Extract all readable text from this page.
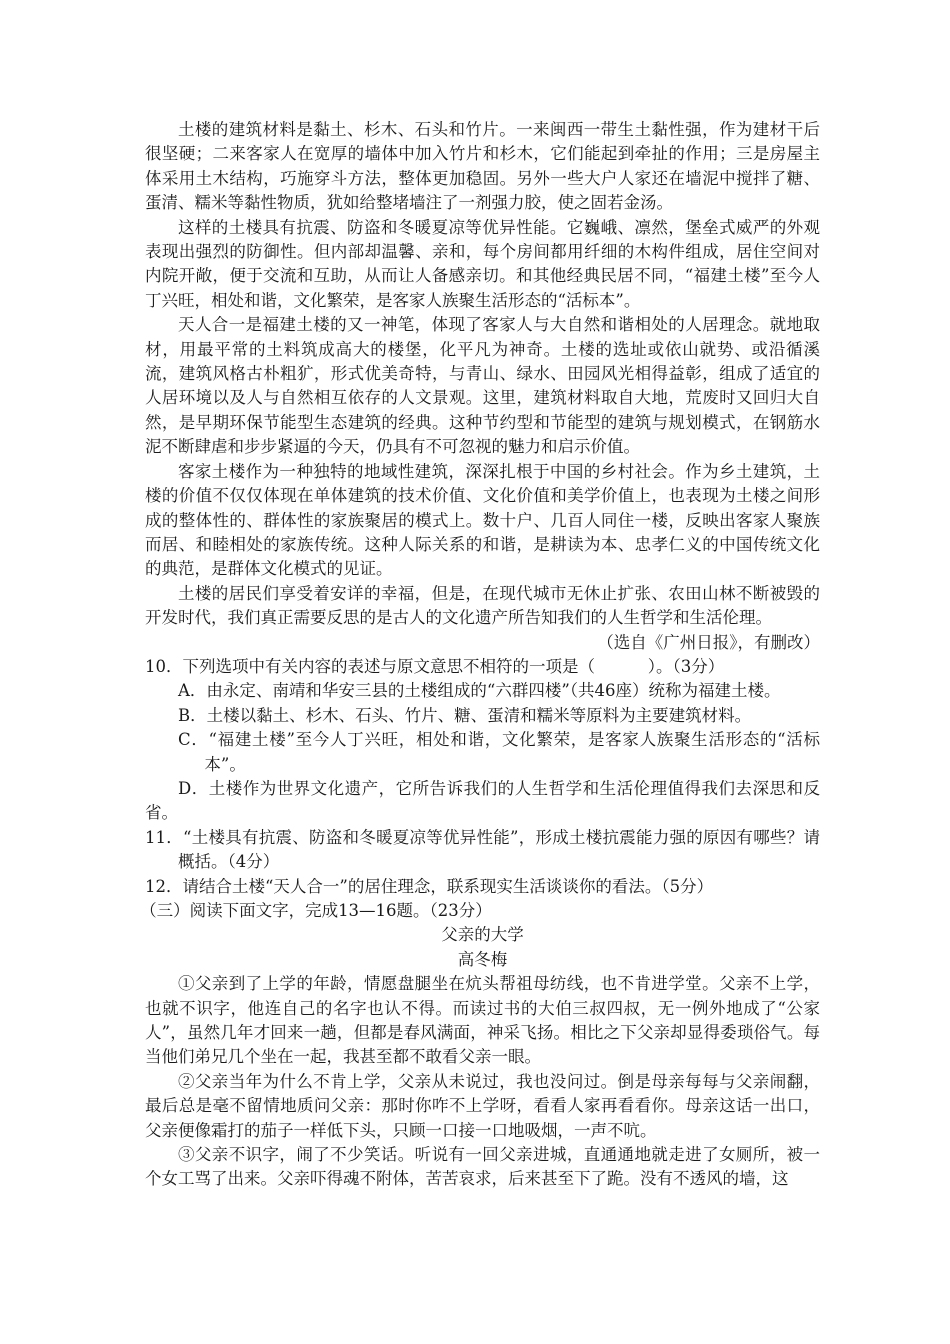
土楼的建筑材料是黏土、杉木、石头和竹片。一来闽西一带生土黏性强，作为建材干后很坚硬；二来客家人在宽厚的墙体中加入竹片和杉木，它们能起到牵扯的作用；三是房屋主体采用土木结构，巧施穿斗方法，整体更加稳固。另外一些大户人家还在墙泥中搅拌了糖、蛋清、糯米等黏性物质，犹如给整堵墙注了一剂强力胶，使之固若金汤。

这样的土楼具有抗震、防盗和冬暖夏凉等优异性能。它巍峨、凛然，堡垒式威严的外观表现出强烈的防御性。但内部却温馨、亲和，每个房间都用纤细的木构件组成，居住空间对内院开敞，便于交流和互助，从而让人备感亲切。和其他经典民居不同，“福建土楼”至今人丁兴旺，相处和谐，文化繁荣，是客家人族聚生活形态的“活标本”。

天人合一是福建土楼的又一神笔，体现了客家人与大自然和谐相处的人居理念。就地取材，用最平常的土料筑成高大的楼堡，化平凡为神奇。土楼的选址或依山就势、或沿循溪流，建筑风格古朴粗犷，形式优美奇特，与青山、绿水、田园风光相得益彰，组成了适宜的人居环境以及人与自然相互依存的人文景观。这里，建筑材料取自大地，荒废时又回归大自然，是早期环保节能型生态建筑的经典。这种节约型和节能型的建筑与规划模式，在钢筋水泥不断肆虐和步步紧逼的今天，仍具有不可忽视的魅力和启示价值。

客家土楼作为一种独特的地域性建筑，深深扎根于中国的乡村社会。作为乡土建筑，土楼的价值不仅仅体现在单体建筑的技术价值、文化价值和美学价值上，也表现为土楼之间形成的整体性的、群体性的家族聚居的模式上。数十户、几百人同住一楼，反映出客家人聚族而居、和睦相处的家族传统。这种人际关系的和谐，是耕读为本、忠孝仁义的中国传统文化的典范，是群体文化模式的见证。

土楼的居民们享受着安详的幸福，但是，在现代城市无休止扩张、农田山林不断被毁的开发时代，我们真正需要反思的是古人的文化遗产所告知我们的人生哲学和生活伦理。

（选自《广州日报》，有删改）

10．下列选项中有关内容的表述与原文意思不相符的一项是（	）。（3分）

A．由永定、南靖和华安三县的土楼组成的“六群四楼”（共46座）统称为福建土楼。

B．土楼以黏土、杉木、石头、竹片、糖、蛋清和糯米等原料为主要建筑材料。

C．“福建土楼”至今人丁兴旺，相处和谐，文化繁荣，是客家人族聚生活形态的“活标本”。

D．土楼作为世界文化遗产，它所告诉我们的人生哲学和生活伦理值得我们去深思和反省。

11．“土楼具有抗震、防盗和冬暖夏凉等优异性能”，形成土楼抗震能力强的原因有哪些？请概括。（4分）

12．请结合土楼“天人合一”的居住理念，联系现实生活谈谈你的看法。（5分）

（三）阅读下面文字，完成13—16题。（23分）

父亲的大学

高冬梅

①父亲到了上学的年龄，情愿盘腿坐在炕头帮祖母纺线，也不肯进学堂。父亲不上学，也就不识字，他连自己的名字也认不得。而读过书的大伯三叔四叔，无一例外地成了“公家人”，虽然几年才回来一趟，但都是春风满面，神采飞扬。相比之下父亲却显得委琐俗气。每当他们弟兄几个坐在一起，我甚至都不敢看父亲一眼。

②父亲当年为什么不肯上学，父亲从未说过，我也没问过。倒是母亲每每与父亲闹翻，最后总是毫不留情地质问父亲：那时你咋不上学呀，看看人家再看看你。母亲这话一出口，父亲便像霜打的茄子一样低下头，只顾一口接一口地吸烟，一声不吭。

③父亲不识字，闹了不少笑话。听说有一回父亲进城，直通通地就走进了女厕所，被一个女工骂了出来。父亲吓得魂不附体，苦苦哀求，后来甚至下了跪。没有不透风的墙，这
